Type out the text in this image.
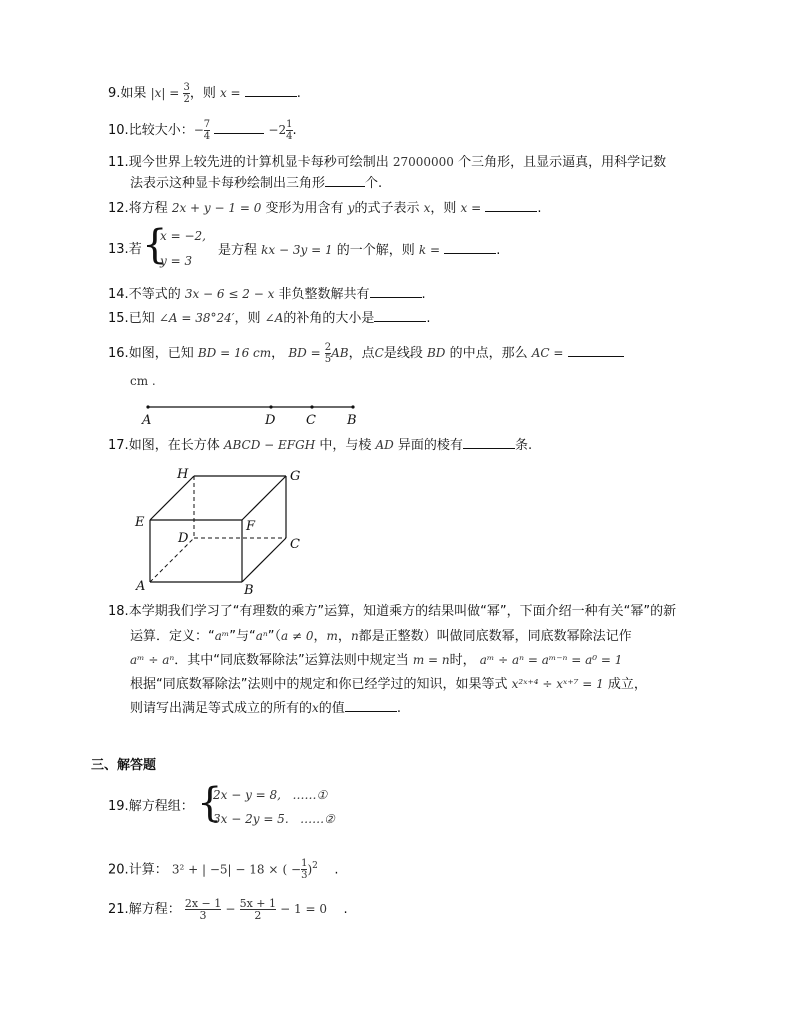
9.如果 $|x| = \frac{3}{2}$ ，则 x =	.
10.比较大小：− $\frac{7}{4}$	$-2 \frac{1}{4}$ .
11.现今世界上较先进的计算机显卡每秒可绘制出 27000000 个三角形，且显示逼真，用科学记数
法表示这种显卡每秒绘制出三角形	个.
12.将方程 2x + y − 1 = 0 变形为用含有 y的式子表示 x，则 x =	.
13.若 {
x = −2,
y = 3
是方程 kx − 3y = 1 的一个解，则 k =	.
14.不等式的 3x − 6 ≤ 2 − x 非负整数解共有	.
15.已知 ∠A = 38°24′，则 ∠A的补角的大小是	.
16.如图，已知 BD = 16 cm， BD = $\frac{2}{5}$ AB，点C是线段 BD 的中点，那么 AC =
cm .
A	D C B
17.如图，在长方体 ABCD − EFGH 中，与棱 AD 异面的棱有	条.
H	G
E	F
D	C
A	B
18.本学期我们学习了“有理数的乘方”运算，知道乘方的结果叫做“幂”，下面介绍一种有关“幂”的新
运算．定义：“aᵐ”与“aⁿ”（a ≠ 0，m，n都是正整数）叫做同底数幂，同底数幂除法记作
aᵐ ÷ aⁿ．其中“同底数幂除法”运算法则中规定当 m = n时， aᵐ ÷ aⁿ = aᵐ⁻ⁿ = a⁰ = 1
根据“同底数幂除法”法则中的规定和你已经学过的知识，如果等式 x²ˣ⁺⁴ ÷ xˣ⁺⁷ = 1 成立，
则请写出满足等式成立的所有的x的值	.
三、解答题
19.解方程组： {
2x − y = 8, ……①
3x − 2y = 5. ……②
20.计算： 3² + | −5| − 18 × ( − $\frac{1}{3} )^2$ .
21.解方程： $\frac{2x - 1}{3} - \frac{5x + 1}{2} - 1 = 0$ .
